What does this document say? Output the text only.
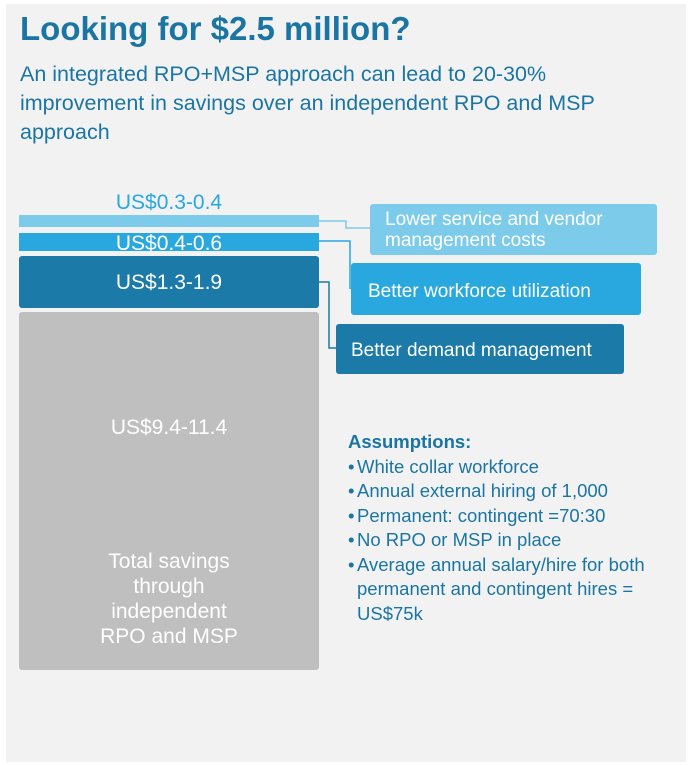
Looking for $2.5 million?
An integrated RPO+MSP approach can lead to 20-30% improvement in savings over an independent RPO and MSP approach
US$9.4-11.4
Total savings through independent RPO and MSP
US$1.3-1.9
US$0.4-0.6
US$0.3-0.4
Better demand management
Better workforce utilization
Lower service and vendor management costs
Assumptions:
• White collar workforce
• Annual external hiring of 1,000
• Permanent: contingent =70:30
• No RPO or MSP in place
• Average annual salary/hire for both permanent and contingent hires = US$75k
